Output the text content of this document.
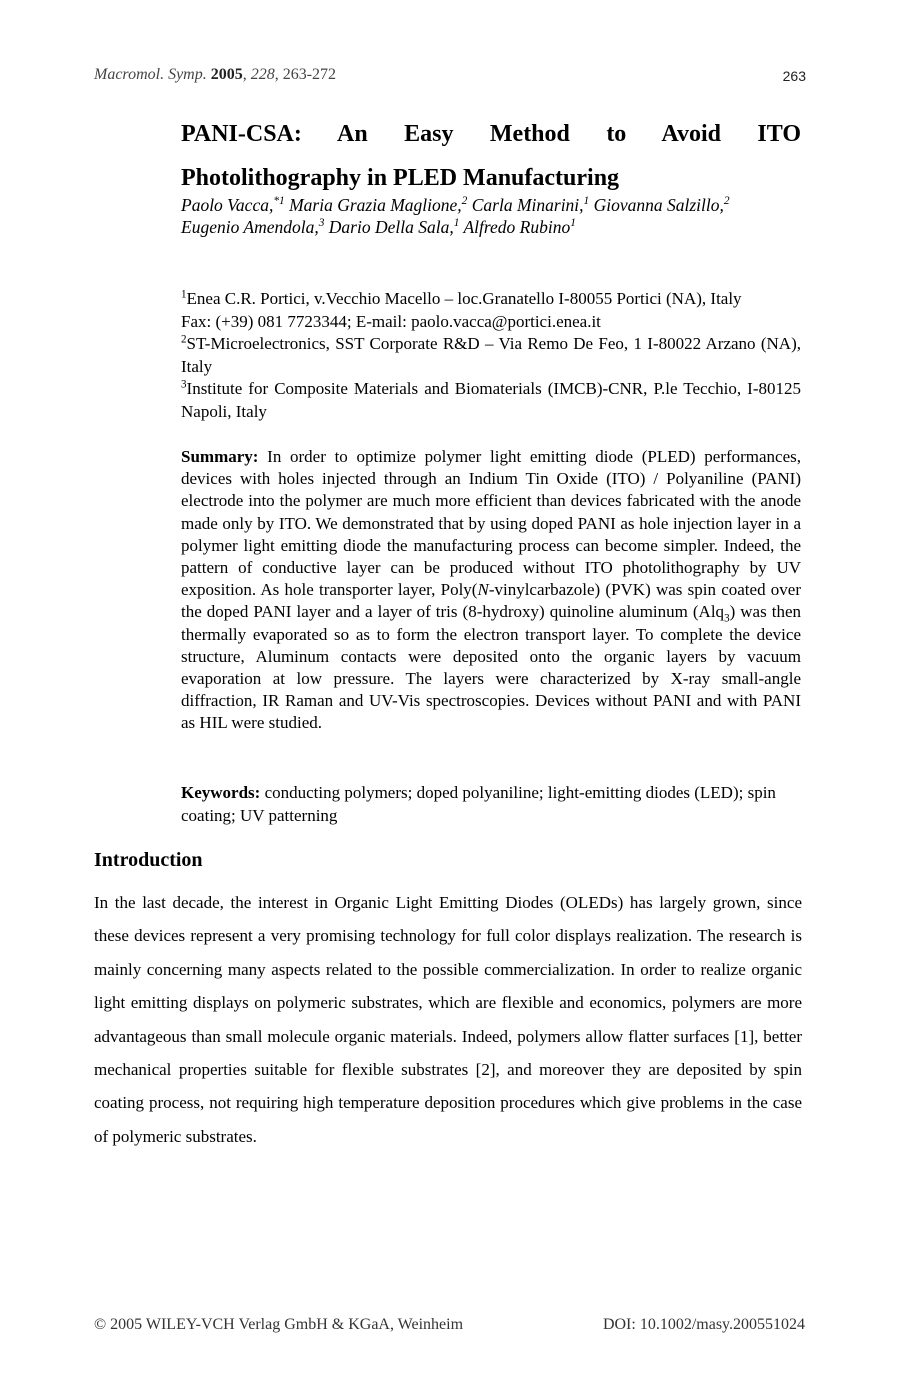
Macromol. Symp. 2005, 228, 263-272	263
PANI-CSA: An Easy Method to Avoid ITO
Photolithography in PLED Manufacturing
Paolo Vacca,$^{*1}$ Maria Grazia Maglione,$^2$ Carla Minarini,$^1$ Giovanna Salzillo,$^2$
Eugenio Amendola,$^3$ Dario Della Sala,$^1$ Alfredo Rubino$^1$

$^1$Enea C.R. Portici, v.Vecchio Macello – loc.Granatello I-80055 Portici (NA), Italy
Fax: (+39) 081 7723344; E-mail: paolo.vacca@portici.enea.it

$^2$ST-Microelectronics, SST Corporate R&D – Via Remo De Feo, 1 I-80022 Arzano (NA), Italy

$^3$Institute for Composite Materials and Biomaterials (IMCB)-CNR, P.le Tecchio, I-80125 Napoli, Italy

Summary: In order to optimize polymer light emitting diode (PLED) performances, devices with holes injected through an Indium Tin Oxide (ITO) / Polyaniline (PANI) electrode into the polymer are much more efficient than devices fabricated with the anode made only by ITO. We demonstrated that by using doped PANI as hole injection layer in a polymer light emitting diode the manufacturing process can become simpler. Indeed, the pattern of conductive layer can be produced without ITO photolithography by UV exposition. As hole transporter layer, Poly(N-vinylcarbazole) (PVK) was spin coated over the doped PANI layer and a layer of tris (8-hydroxy) quinoline aluminum (Alq$_3$) was then thermally evaporated so as to form the electron transport layer. To complete the device structure, Aluminum contacts were deposited onto the organic layers by vacuum evaporation at low pressure. The layers were characterized by X-ray small-angle diffraction, IR Raman and UV-Vis spectroscopies. Devices without PANI and with PANI as HIL were studied.

Keywords: conducting polymers; doped polyaniline; light-emitting diodes (LED); spin coating; UV patterning

Introduction

In the last decade, the interest in Organic Light Emitting Diodes (OLEDs) has largely grown, since these devices represent a very promising technology for full color displays realization. The research is mainly concerning many aspects related to the possible commercialization. In order to realize organic light emitting displays on polymeric substrates, which are flexible and economics, polymers are more advantageous than small molecule organic materials. Indeed, polymers allow flatter surfaces [1], better mechanical properties suitable for flexible substrates [2], and moreover they are deposited by spin coating process, not requiring high temperature deposition procedures which give problems in the case of polymeric substrates.

© 2005 WILEY-VCH Verlag GmbH & KGaA, Weinheim	DOI: 10.1002/masy.200551024
